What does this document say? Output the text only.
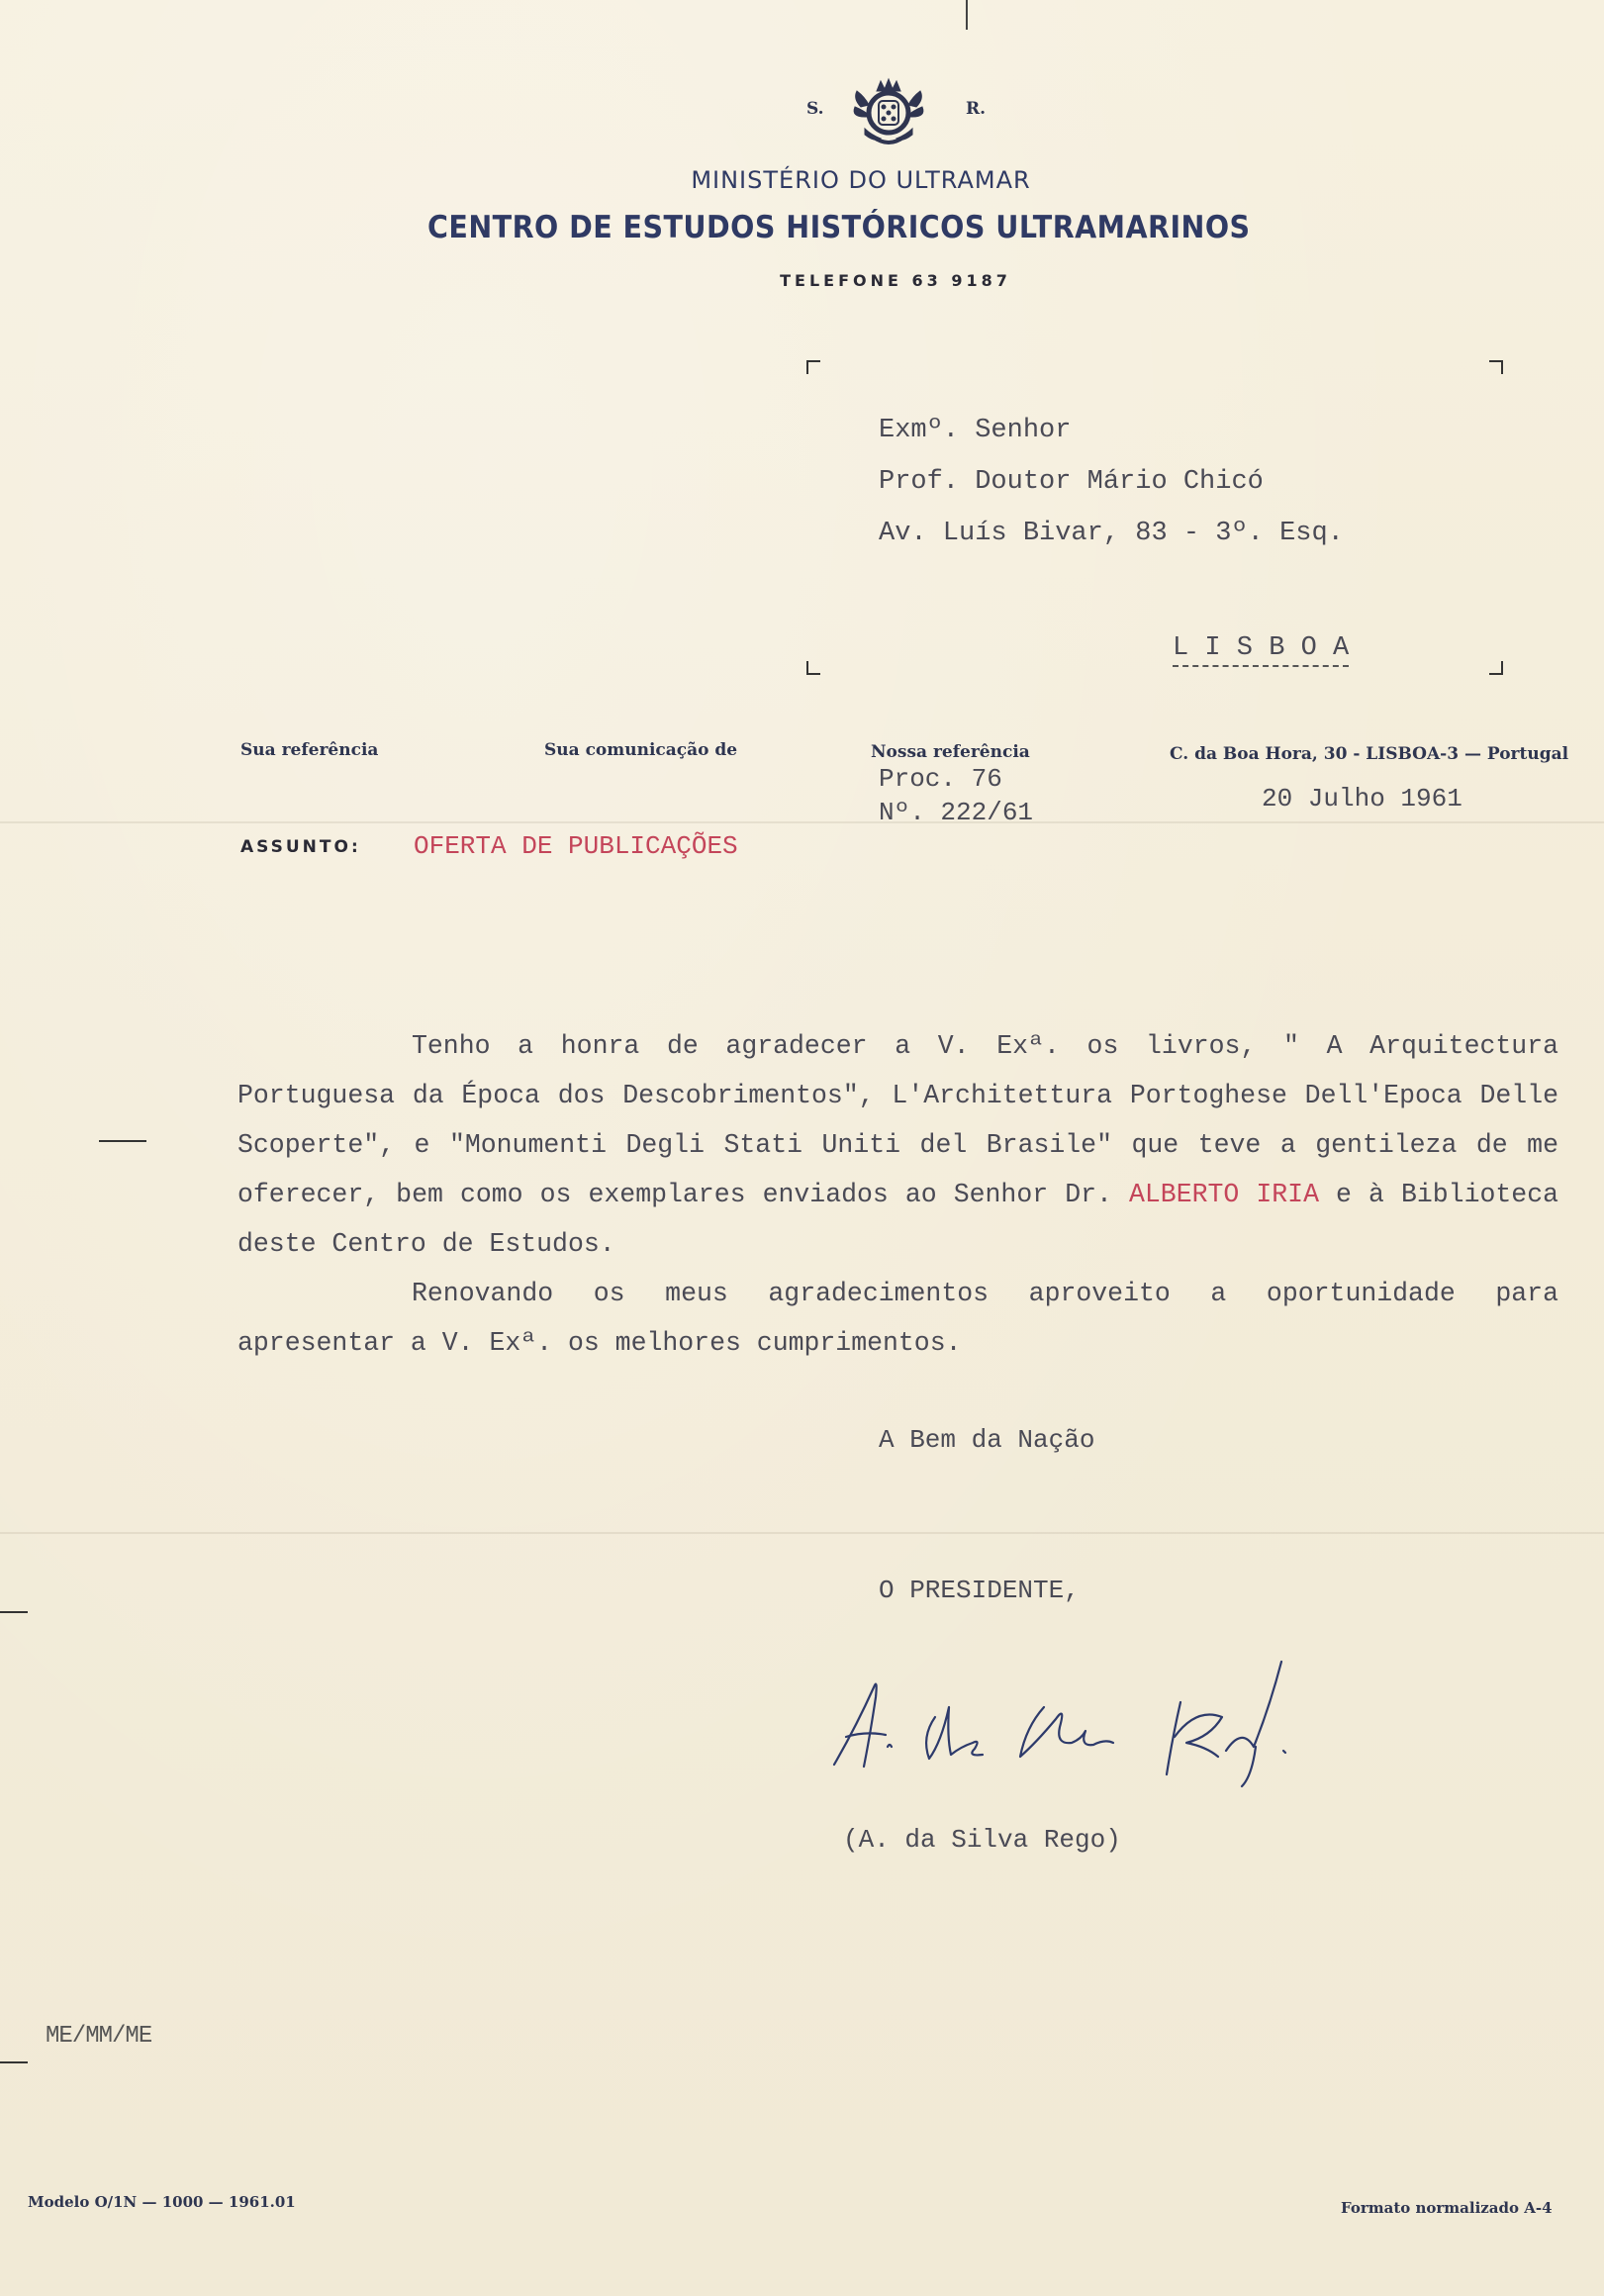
S.	R.
MINISTÉRIO DO ULTRAMAR
CENTRO DE ESTUDOS HISTÓRICOS ULTRAMARINOS
TELEFONE 63 9187
Exmº. Senhor
Prof. Doutor Mário Chicó
Av. Luís Bivar, 83 - 3º. Esq.
L I S B O A
Sua referência	Sua comunicação de	Nossa referência	C. da Boa Hora, 30 - LISBOA-3 — Portugal
Proc. 76
Nº. 222/61	20 Julho 1961
ASSUNTO: OFERTA DE PUBLICAÇÕES

Tenho a honra de agradecer a V. Exª. os livros, " A Arquitectura Portuguesa da Época dos Descobrimentos", L'Architettura Portoghese Dell'Epoca Delle Scoperte", e "Monumenti Degli Stati Uniti del Brasile" que teve a gentileza de me oferecer, bem como os exemplares enviados ao Senhor Dr. ALBERTO IRIA e à Biblioteca deste Centro de Estudos.

Renovando os meus agradecimentos aproveito a oportunidade para apresentar a V. Exª. os melhores cumprimentos.

A Bem da Nação
O PRESIDENTE,
(A. da Silva Rego)
ME/MM/ME
Modelo O/1N — 1000 — 1961.01	Formato normalizado A-4
